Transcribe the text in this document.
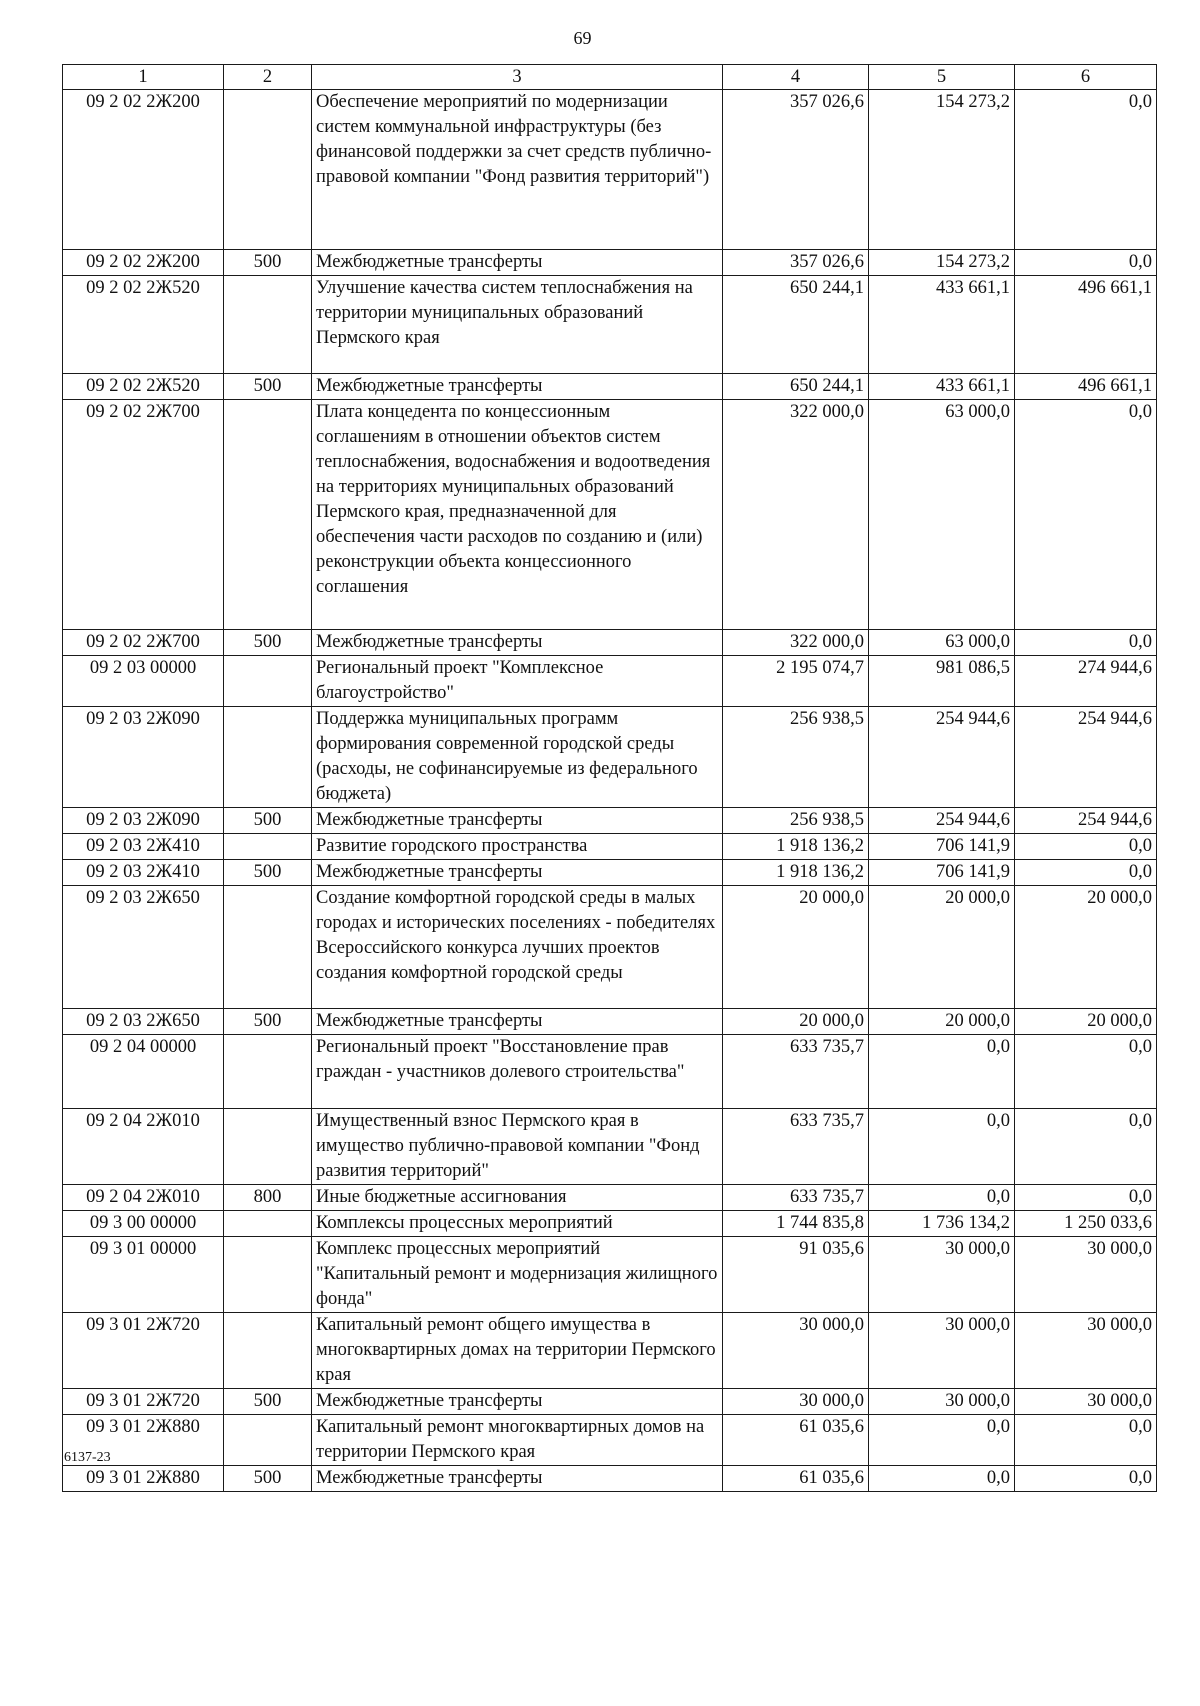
69
1	2	3	4	5	6
09 2 02 2Ж200		Обеспечение мероприятий по модернизации систем коммунальной инфраструктуры (без финансовой поддержки за счет средств публично-правовой компании "Фонд развития территорий")	357 026,6	154 273,2	0,0
09 2 02 2Ж200	500	Межбюджетные трансферты	357 026,6	154 273,2	0,0
09 2 02 2Ж520		Улучшение качества систем теплоснабжения на территории муниципальных образований Пермского края	650 244,1	433 661,1	496 661,1
09 2 02 2Ж520	500	Межбюджетные трансферты	650 244,1	433 661,1	496 661,1
09 2 02 2Ж700		Плата концедента по концессионным соглашениям в отношении объектов систем теплоснабжения, водоснабжения и водоотведения на территориях муниципальных образований Пермского края, предназначенной для обеспечения части расходов по созданию и (или) реконструкции объекта концессионного соглашения	322 000,0	63 000,0	0,0
09 2 02 2Ж700	500	Межбюджетные трансферты	322 000,0	63 000,0	0,0
09 2 03 00000		Региональный проект "Комплексное благоустройство"	2 195 074,7	981 086,5	274 944,6
09 2 03 2Ж090		Поддержка муниципальных программ формирования современной городской среды (расходы, не софинансируемые из федерального бюджета)	256 938,5	254 944,6	254 944,6
09 2 03 2Ж090	500	Межбюджетные трансферты	256 938,5	254 944,6	254 944,6
09 2 03 2Ж410		Развитие городского пространства	1 918 136,2	706 141,9	0,0
09 2 03 2Ж410	500	Межбюджетные трансферты	1 918 136,2	706 141,9	0,0
09 2 03 2Ж650		Создание комфортной городской среды в малых городах и исторических поселениях - победителях Всероссийского конкурса лучших проектов создания комфортной городской среды	20 000,0	20 000,0	20 000,0
09 2 03 2Ж650	500	Межбюджетные трансферты	20 000,0	20 000,0	20 000,0
09 2 04 00000		Региональный проект "Восстановление прав граждан - участников долевого строительства"	633 735,7	0,0	0,0
09 2 04 2Ж010		Имущественный взнос Пермского края в имущество публично-правовой компании "Фонд развития территорий"	633 735,7	0,0	0,0
09 2 04 2Ж010	800	Иные бюджетные ассигнования	633 735,7	0,0	0,0
09 3 00 00000		Комплексы процессных мероприятий	1 744 835,8	1 736 134,2	1 250 033,6
09 3 01 00000		Комплекс процессных мероприятий "Капитальный ремонт и модернизация жилищного фонда"	91 035,6	30 000,0	30 000,0
09 3 01 2Ж720		Капитальный ремонт общего имущества в многоквартирных домах на территории Пермского края	30 000,0	30 000,0	30 000,0
09 3 01 2Ж720	500	Межбюджетные трансферты	30 000,0	30 000,0	30 000,0
09 3 01 2Ж880		Капитальный ремонт многоквартирных домов на территории Пермского края	61 035,6	0,0	0,0
09 3 01 2Ж880	500	Межбюджетные трансферты	61 035,6	0,0	0,0
6137-23
